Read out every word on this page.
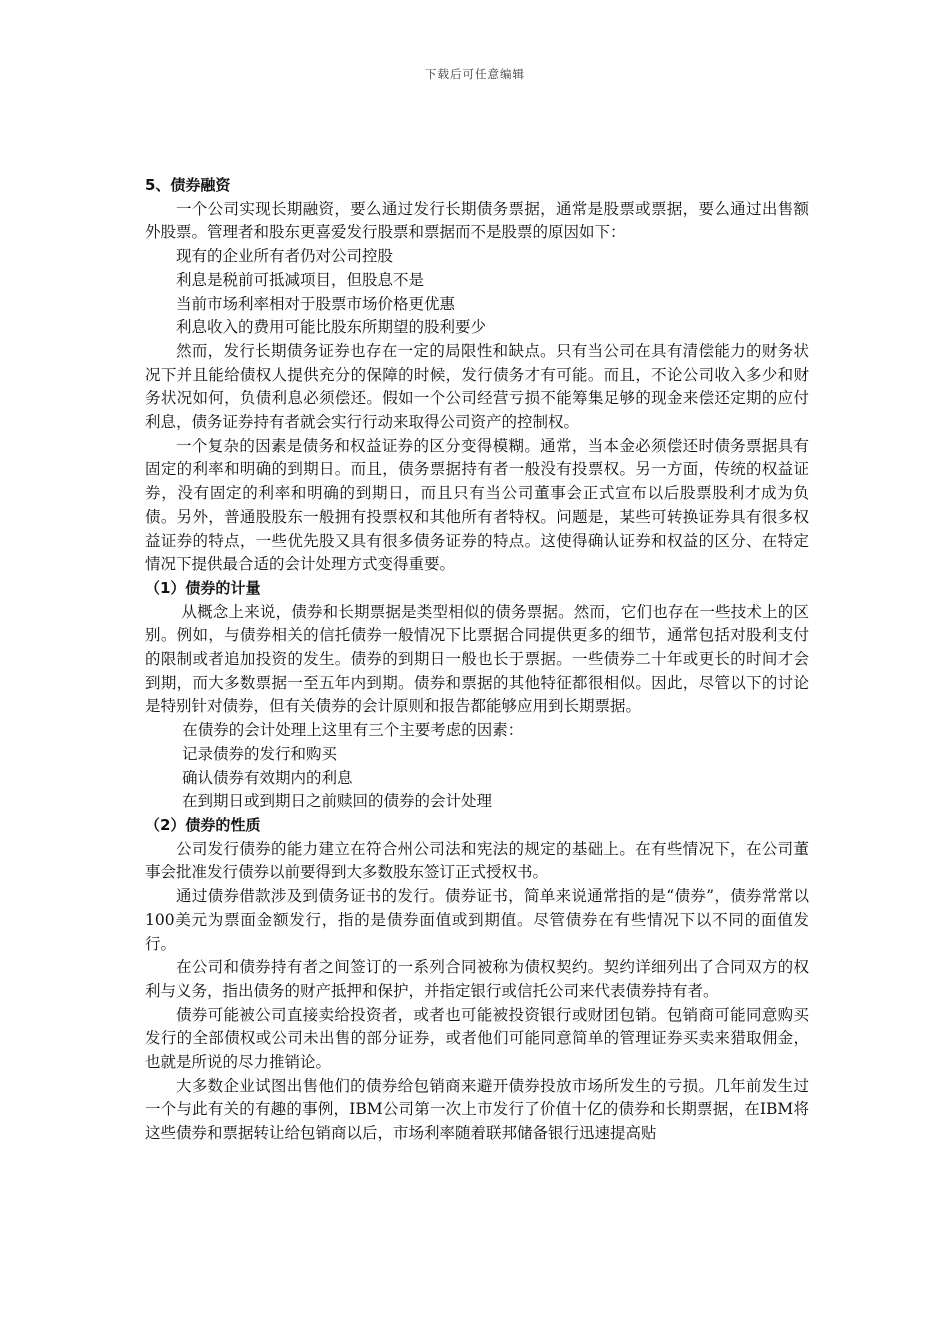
下载后可任意编辑

5、债券融资

一个公司实现长期融资，要么通过发行长期债务票据，通常是股票或票据，要么通过出售额外股票。管理者和股东更喜爱发行股票和票据而不是股票的原因如下：

现有的企业所有者仍对公司控股

利息是税前可抵减项目，但股息不是

当前市场利率相对于股票市场价格更优惠

利息收入的费用可能比股东所期望的股利要少

然而，发行长期债务证券也存在一定的局限性和缺点。只有当公司在具有清偿能力的财务状况下并且能给债权人提供充分的保障的时候，发行债务才有可能。而且，不论公司收入多少和财务状况如何，负债利息必须偿还。假如一个公司经营亏损不能筹集足够的现金来偿还定期的应付利息，债务证券持有者就会实行行动来取得公司资产的控制权。

一个复杂的因素是债务和权益证券的区分变得模糊。通常，当本金必须偿还时债务票据具有固定的利率和明确的到期日。而且，债务票据持有者一般没有投票权。另一方面，传统的权益证券，没有固定的利率和明确的到期日，而且只有当公司董事会正式宣布以后股票股利才成为负债。另外，普通股股东一般拥有投票权和其他所有者特权。问题是，某些可转换证券具有很多权益证券的特点，一些优先股又具有很多债务证券的特点。这使得确认证券和权益的区分、在特定情况下提供最合适的会计处理方式变得重要。

（1）债券的计量

从概念上来说，债券和长期票据是类型相似的债务票据。然而，它们也存在一些技术上的区别。例如，与债券相关的信托债券一般情况下比票据合同提供更多的细节，通常包括对股利支付的限制或者追加投资的发生。债券的到期日一般也长于票据。一些债券二十年或更长的时间才会到期，而大多数票据一至五年内到期。债券和票据的其他特征都很相似。因此，尽管以下的讨论是特别针对债券，但有关债券的会计原则和报告都能够应用到长期票据。

在债券的会计处理上这里有三个主要考虑的因素：

记录债券的发行和购买

确认债券有效期内的利息

在到期日或到期日之前赎回的债券的会计处理

（2）债券的性质

公司发行债券的能力建立在符合州公司法和宪法的规定的基础上。在有些情况下，在公司董事会批准发行债券以前要得到大多数股东签订正式授权书。

通过债券借款涉及到债务证书的发行。债券证书，简单来说通常指的是“债券”，债券常常以100美元为票面金额发行，指的是债券面值或到期值。尽管债券在有些情况下以不同的面值发行。

在公司和债券持有者之间签订的一系列合同被称为债权契约。契约详细列出了合同双方的权利与义务，指出债务的财产抵押和保护，并指定银行或信托公司来代表债券持有者。

债券可能被公司直接卖给投资者，或者也可能被投资银行或财团包销。包销商可能同意购买发行的全部债权或公司未出售的部分证券，或者他们可能同意简单的管理证券买卖来猎取佣金，也就是所说的尽力推销论。

大多数企业试图出售他们的债券给包销商来避开债券投放市场所发生的亏损。几年前发生过一个与此有关的有趣的事例，IBM公司第一次上市发行了价值十亿的债券和长期票据，在IBM将这些债券和票据转让给包销商以后，市场利率随着联邦储备银行迅速提高贴
